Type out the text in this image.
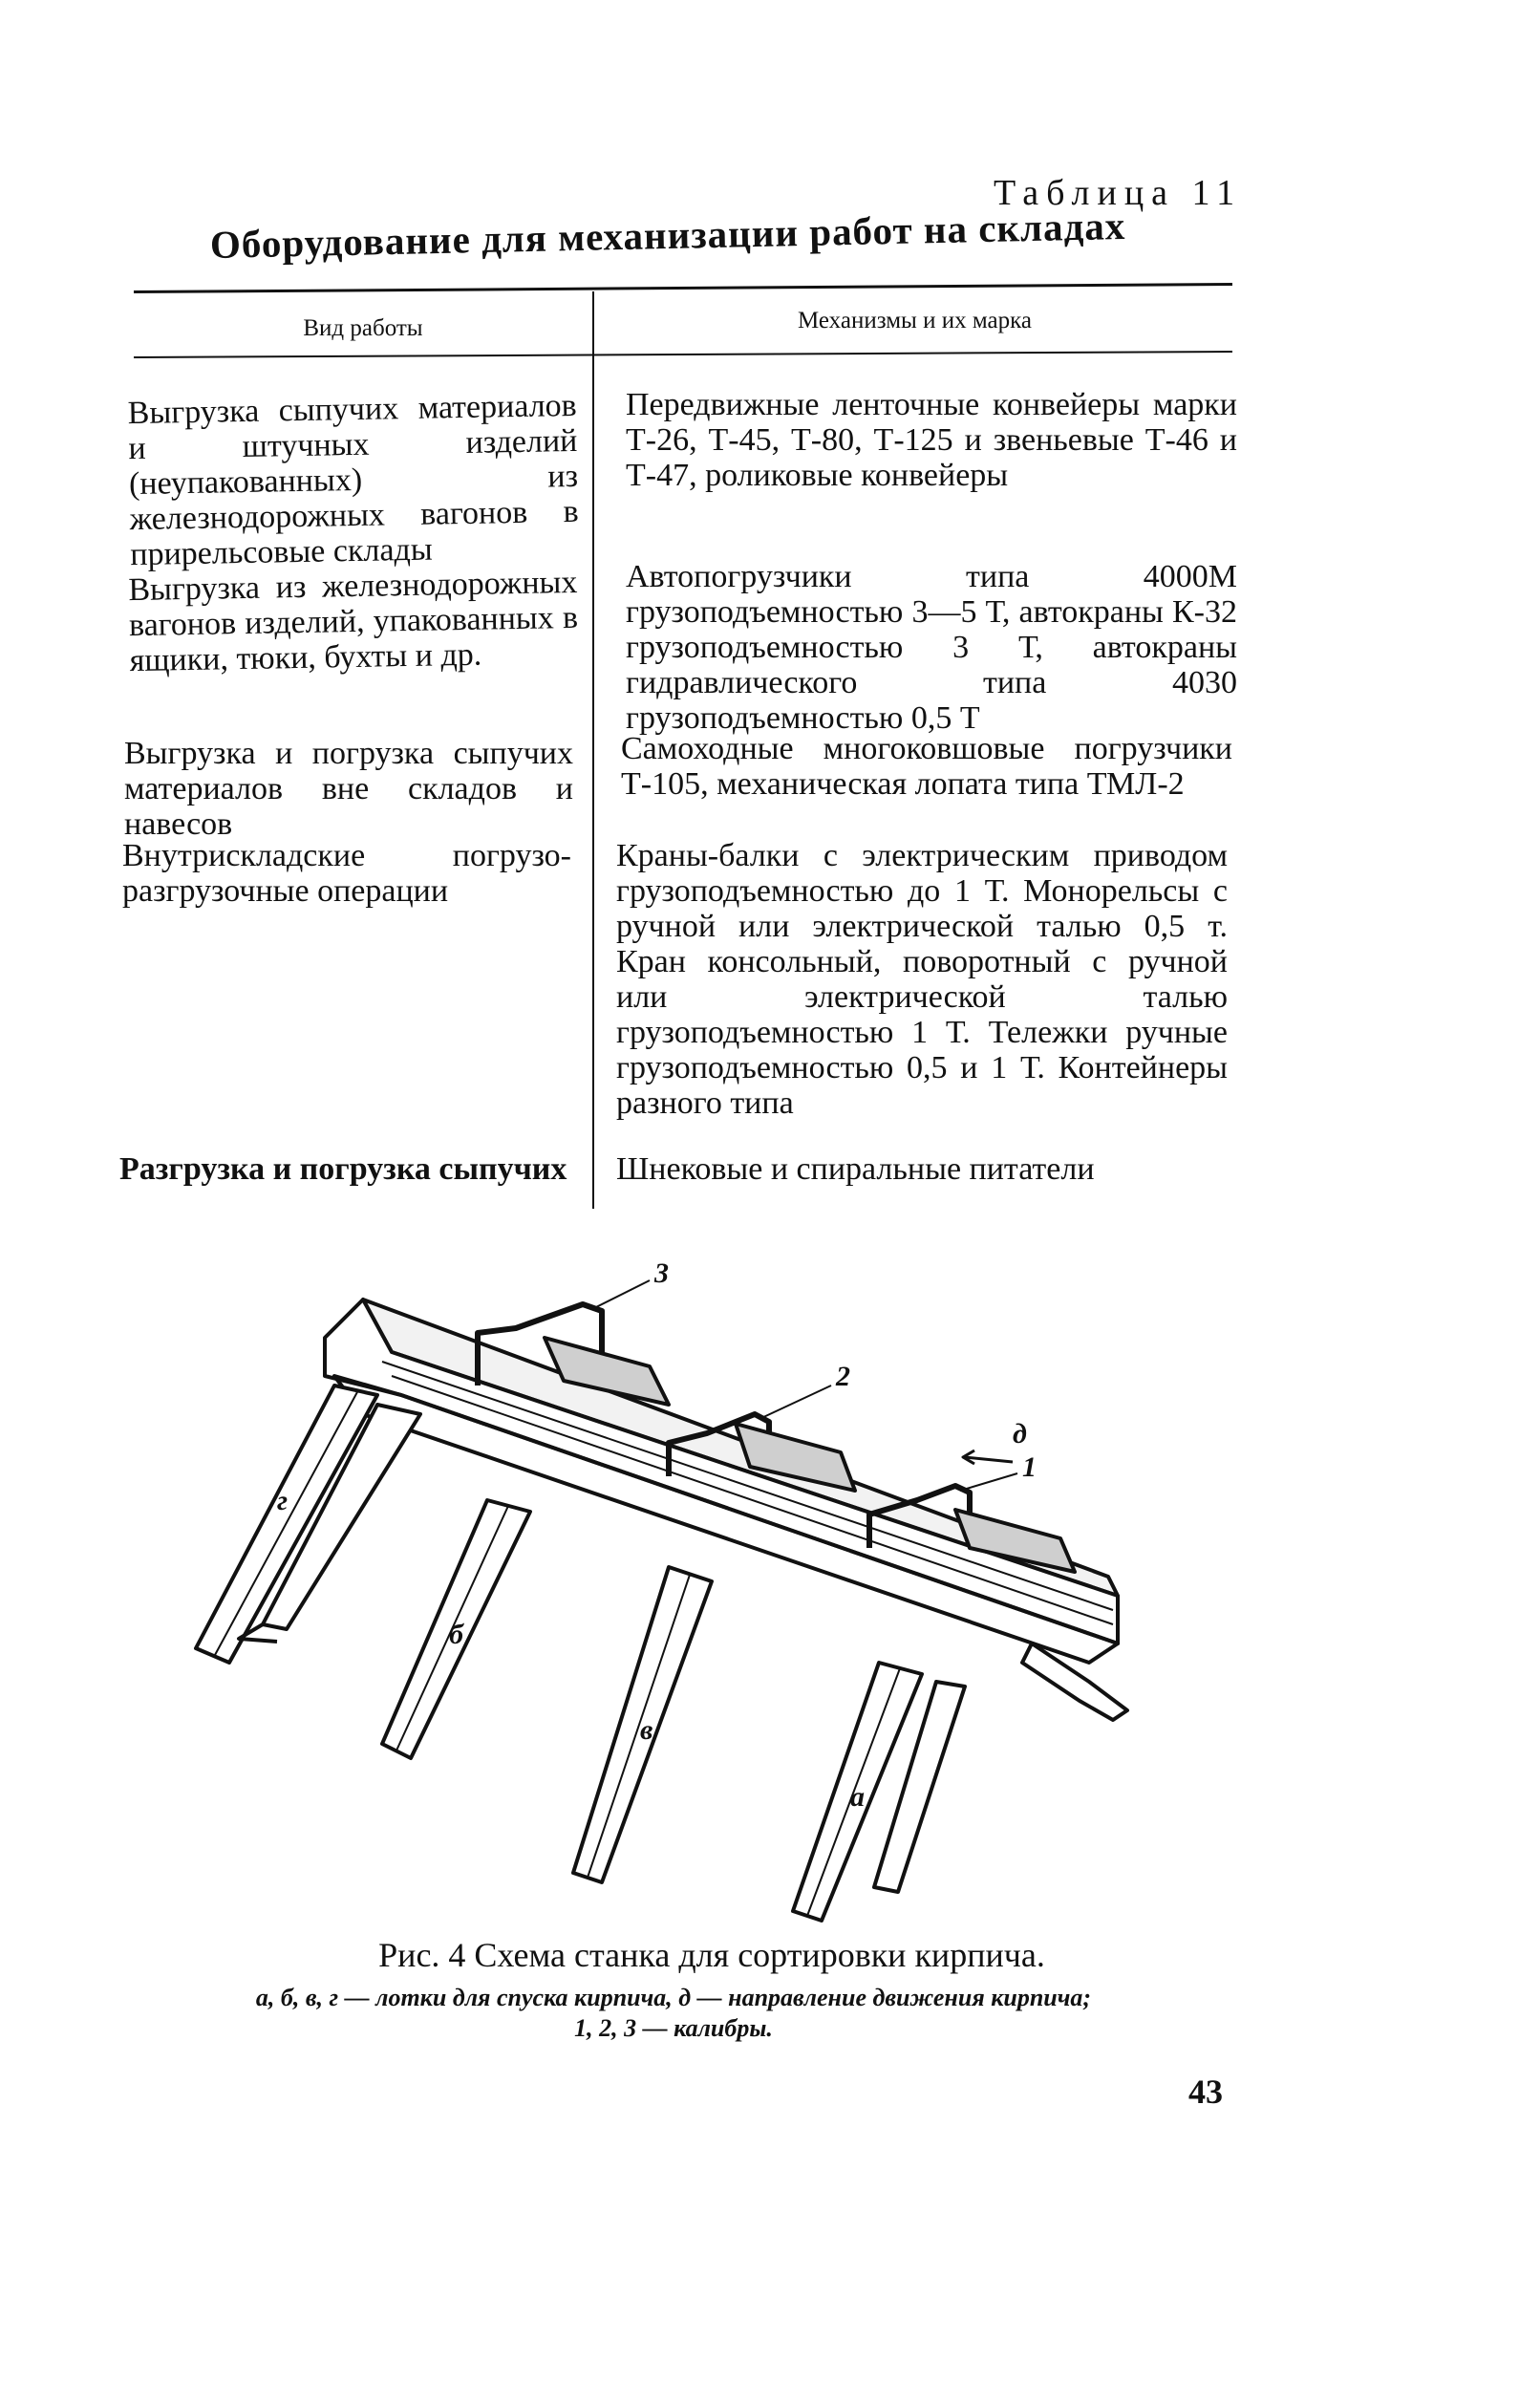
Таблица 11
Оборудование для механизации работ на складах
Вид работы	Механизмы и их марка
Выгрузка сыпучих материалов и штучных изделий (неупакованных) из железнодорожных вагонов в прирельсовые склады
Передвижные ленточные конвейеры марки Т-26, Т-45, Т-80, Т-125 и звеньевые Т-46 и Т-47, роликовые конвейеры
Выгрузка из железнодорожных вагонов изделий, упакованных в ящики, тюки, бухты и др.
Автопогрузчики типа 4000М грузоподъемностью 3—5 Т, автокраны К-32 грузоподъемностью 3 Т, автокраны гидравлического типа 4030 грузоподъемностью 0,5 Т
Выгрузка и погрузка сыпучих материалов вне складов и навесов
Самоходные многоковшовые погрузчики Т-105, механическая лопата типа ТМЛ-2
Внутрискладские погрузо-разгрузочные операции
Краны-балки с электрическим приводом грузоподъемностью до 1 Т. Монорельсы с ручной или электрической талью 0,5 т. Кран консольный, поворотный с ручной или электрической талью грузоподъемностью 1 Т. Тележки ручные грузоподъемностью 0,5 и 1 Т. Контейнеры разного типа
Разгрузка и погрузка сыпучих Шнековые и спиральные питатели
3
2
1
д
г
б
в
а
Рис. 4 Схема станка для сортировки кирпича.
а, б, в, г — лотки для спуска кирпича, д — направление движения кирпича;
1, 2, 3 — калибры.
43
